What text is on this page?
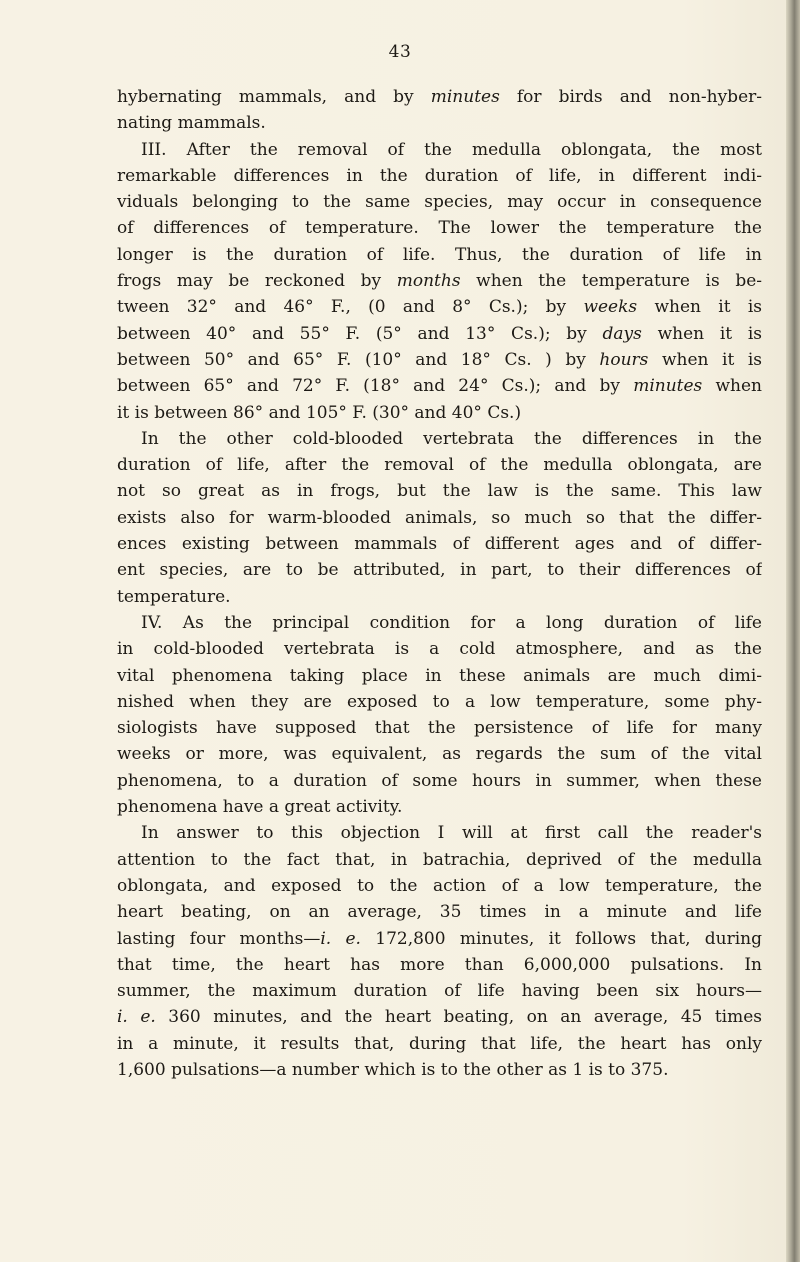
43
hybernating mammals, and by minutes for birds and non-hyber-
nating mammals.
III. After the removal of the medulla oblongata, the most
remarkable differences in the duration of life, in different indi-
viduals belonging to the same species, may occur in consequence
of differences of temperature. The lower the temperature the
longer is the duration of life. Thus, the duration of life in
frogs may be reckoned by months when the temperature is be-
tween 32° and 46° F., (0 and 8° Cs.); by weeks when it is
between 40° and 55° F. (5° and 13° Cs.); by days when it is
between 50° and 65° F. (10° and 18° Cs. ) by hours when it is
between 65° and 72° F. (18° and 24° Cs.); and by minutes when
it is between 86° and 105° F. (30° and 40° Cs.)
In the other cold-blooded vertebrata the differences in the
duration of life, after the removal of the medulla oblongata, are
not so great as in frogs, but the law is the same. This law
exists also for warm-blooded animals, so much so that the differ-
ences existing between mammals of different ages and of differ-
ent species, are to be attributed, in part, to their differences of
temperature.
IV. As the principal condition for a long duration of life
in cold-blooded vertebrata is a cold atmosphere, and as the
vital phenomena taking place in these animals are much dimi-
nished when they are exposed to a low temperature, some phy-
siologists have supposed that the persistence of life for many
weeks or more, was equivalent, as regards the sum of the vital
phenomena, to a duration of some hours in summer, when these
phenomena have a great activity.
In answer to this objection I will at first call the reader's
attention to the fact that, in batrachia, deprived of the medulla
oblongata, and exposed to the action of a low temperature, the
heart beating, on an average, 35 times in a minute and life
lasting four months—i. e. 172,800 minutes, it follows that, during
that time, the heart has more than 6,000,000 pulsations. In
summer, the maximum duration of life having been six hours—
i. e. 360 minutes, and the heart beating, on an average, 45 times
in a minute, it results that, during that life, the heart has only
1,600 pulsations—a number which is to the other as 1 is to 375.
